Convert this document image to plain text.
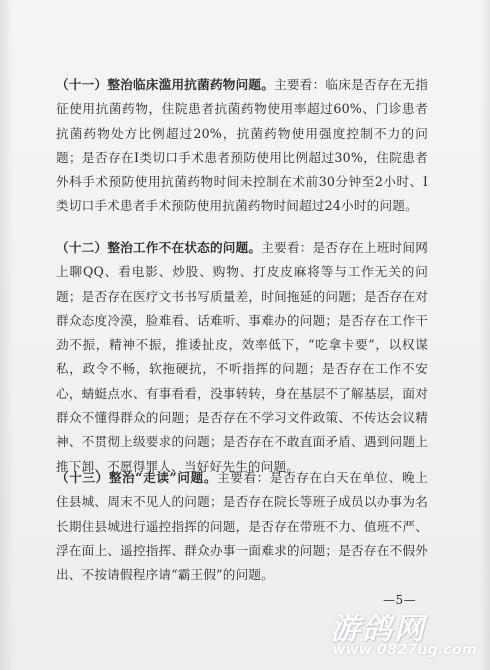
（十一）整治临床滥用抗菌药物问题。主要看：临床是否存在无指征使用抗菌药物，住院患者抗菌药物使用率超过60%、门诊患者抗菌药物处方比例超过20%，抗菌药物使用强度控制不力的问题；是否存在Ⅰ类切口手术患者预防使用比例超过30%，住院患者外科手术预防使用抗菌药物时间未控制在术前30分钟至2小时、Ⅰ类切口手术患者手术预防使用抗菌药物时间超过24小时的问题。
（十二）整治工作不在状态的问题。主要看：是否存在上班时间网上聊QQ、看电影、炒股、购物、打皮皮麻将等与工作无关的问题；是否存在医疗文书书写质量差，时间拖延的问题；是否存在对群众态度冷漠，脸难看、话难听、事难办的问题；是否存在工作干劲不振，精神不振，推诿扯皮，效率低下，“吃拿卡要”，以权谋私，政令不畅，软拖硬抗，不听指挥的问题；是否存在工作不安心，蜻蜓点水、有事看看，没事转转，身在基层不了解基层，面对群众不懂得群众的问题；是否存在不学习文件政策、不传达会议精神、不贯彻上级要求的问题；是否存在不敢直面矛盾、遇到问题上推下卸、不愿得罪人、当好好先生的问题。
（十三）整治“走读”问题。主要看：是否存在白天在单位、晚上住县城、周末不见人的问题；是否存在院长等班子成员以办事为名长期住县城进行遥控指挥的问题，是否存在带班不力、值班不严、浮在面上、遥控指挥、群众办事一面难求的问题；是否存在不假外出、不按请假程序请“霸王假”的问题。
—5—
游鸽网
www.0827ug.com
